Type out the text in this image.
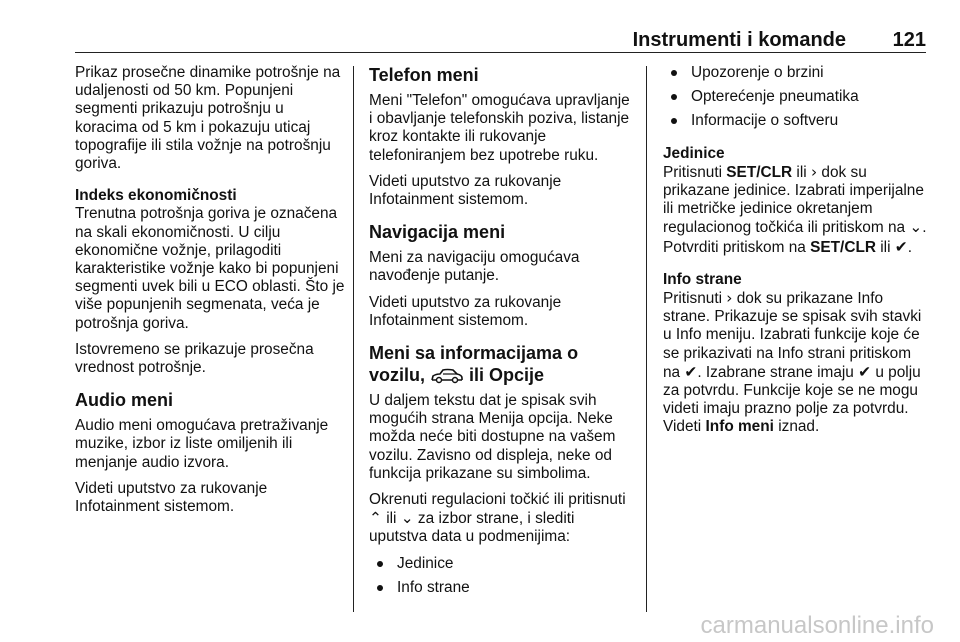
Instrumenti i komande 121

Prikaz prosečne dinamike potrošnje na udaljenosti od 50 km. Popunjeni segmenti prikazuju potrošnju u koracima od 5 km i pokazuju uticaj topografije ili stila vožnje na potrošnju goriva.

Indeks ekonomičnosti

Trenutna potrošnja goriva je označena na skali ekonomičnosti. U cilju ekonomične vožnje, prilagoditi karakteristike vožnje kako bi popunjeni segmenti uvek bili u ECO oblasti. Što je više popunjenih segmenata, veća je potrošnja goriva.

Istovremeno se prikazuje prosečna vrednost potrošnje.

Audio meni

Audio meni omogućava pretraživanje muzike, izbor iz liste omiljenih ili menjanje audio izvora.

Videti uputstvo za rukovanje Infotainment sistemom.

Telefon meni

Meni "Telefon" omogućava upravljanje i obavljanje telefonskih poziva, listanje kroz kontakte ili rukovanje telefoniranjem bez upotrebe ruku.

Videti uputstvo za rukovanje Infotainment sistemom.

Navigacija meni

Meni za navigaciju omogućava navođenje putanje.

Videti uputstvo za rukovanje Infotainment sistemom.

Meni sa informacijama o
vozilu, ili Opcije

U daljem tekstu dat je spisak svih mogućih strana Menija opcija. Neke možda neće biti dostupne na vašem vozilu. Zavisno od displeja, neke od funkcija prikazane su simbolima.

Okrenuti regulacioni točkić ili pritisnuti ⌃ ili ⌄ za izbor strane, i slediti uputstva data u podmenijima:

Jedinice
Info strane
Upozorenje o brzini
Opterećenje pneumatika
Informacije o softveru
Jedinice

Pritisnuti SET/CLR ili › dok su prikazane jedinice. Izabrati imperijalne ili metričke jedinice okretanjem regulacionog točkića ili pritiskom na ⌄. Potvrditi pritiskom na SET/CLR ili ✔.

Info strane

Pritisnuti › dok su prikazane Info strane. Prikazuje se spisak svih stavki u Info meniju. Izabrati funkcije koje će se prikazivati na Info strani pritiskom na ✔. Izabrane strane imaju ✔ u polju za potvrdu. Funkcije koje se ne mogu videti imaju prazno polje za potvrdu. Videti Info meni iznad.

carmanualsonline.info
